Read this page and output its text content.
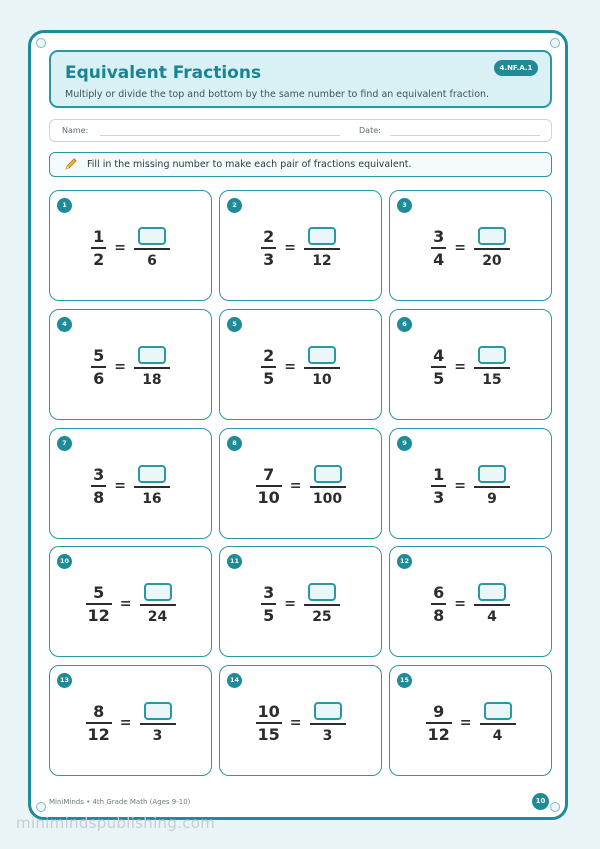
Equivalent Fractions
Multiply or divide the top and bottom by the same number to find an equivalent fraction.
4.NF.A.1
Name:	Date:
Fill in the missing number to make each pair of fractions equivalent.
1
$\frac{1}{2}$ =
6
2
$\frac{2}{3}$ =
12
3
$\frac{3}{4}$ =
20
4
$\frac{5}{6}$ =
18
5
$\frac{2}{5}$ =
10
6
$\frac{4}{5}$ =
15
7
$\frac{3}{8}$ =
16
8
$\frac{7}{10}$ =
100
9
$\frac{1}{3}$ =
9
10
$\frac{5}{12}$ =
24
11
$\frac{3}{5}$ =
25
12
$\frac{6}{8}$ =
4
13
$\frac{8}{12}$ =
3
14
$\frac{10}{15}$ =
3
15
$\frac{9}{12}$ =
4
MiniMinds • 4th Grade Math (Ages 9-10)	10
minimindspublishing.com
